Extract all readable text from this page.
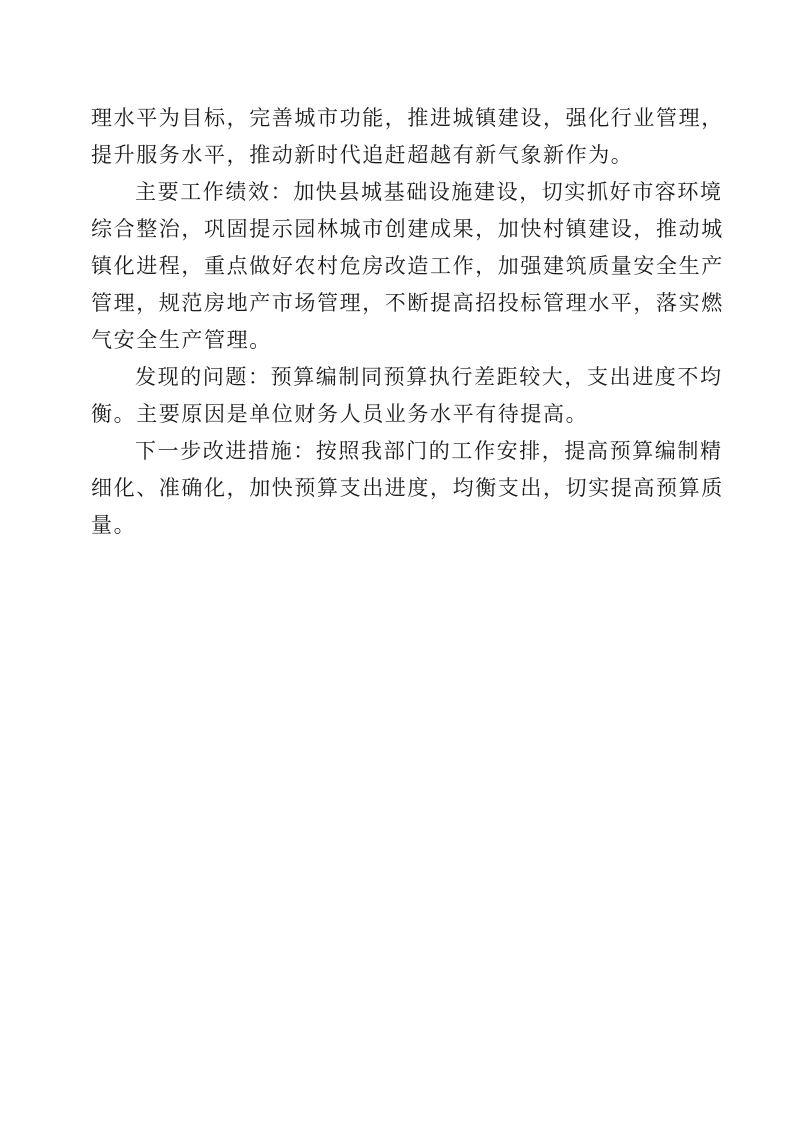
理水平为目标，完善城市功能，推进城镇建设，强化行业管理，
提升服务水平，推动新时代追赶超越有新气象新作为。
主要工作绩效：加快县城基础设施建设，切实抓好市容环境
综合整治，巩固提示园林城市创建成果，加快村镇建设，推动城
镇化进程，重点做好农村危房改造工作，加强建筑质量安全生产
管理，规范房地产市场管理，不断提高招投标管理水平，落实燃
气安全生产管理。
发现的问题：预算编制同预算执行差距较大，支出进度不均
衡。主要原因是单位财务人员业务水平有待提高。
下一步改进措施：按照我部门的工作安排，提高预算编制精
细化、准确化，加快预算支出进度，均衡支出，切实提高预算质
量。
